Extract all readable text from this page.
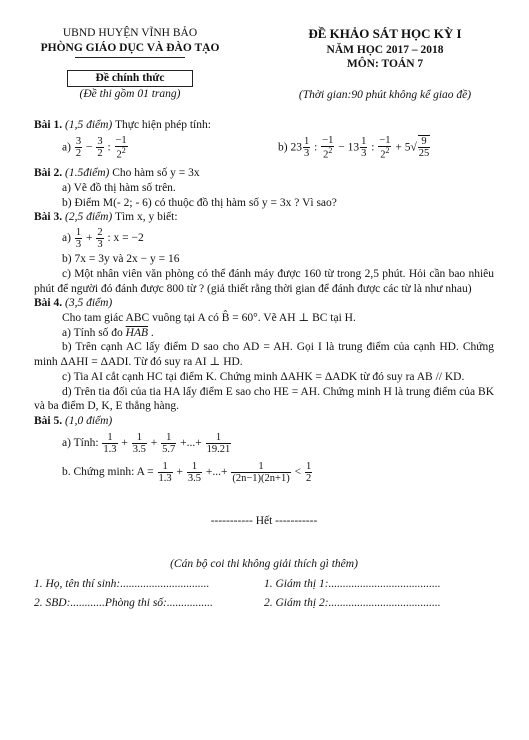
UBND HUYỆN VĨNH BẢO
PHÒNG GIÁO DỤC VÀ ĐÀO TẠO
Đề chính thức
(Đề thi gồm 01 trang)
ĐỀ KHẢO SÁT HỌC KỲ I
NĂM HỌC 2017 – 2018
MÔN: TOÁN 7
(Thời gian:90 phút không kể giao đề)

Bài 1. (1,5 điểm) Thực hiện phép tính:

$a) \frac{3}{2} - \frac{3}{2}$ : $\frac{-1}{2^2}$	b) $23 \frac{1}{3}$ : $\frac{-1}{2^2} - 13 \frac{1}{3}$ : $\frac{-1}{2^2} + 5√ \frac{9}{25}$

Bài 2. (1.5điểm) Cho hàm số y = 3x

a) Vẽ đồ thị hàm số trên.

b) Điểm M(- 2; - 6) có thuộc đồ thị hàm số y = 3x ? Vì sao?

Bài 3. (2,5 điểm) Tìm x, y biết:

$a) \frac{1}{3} + \frac{2}{3}$ : x = −2

b) 7x = 3y và 2x − y = 16

c) Một nhân viên văn phòng có thể đánh máy được 160 từ trong 2,5 phút. Hỏi cần bao nhiêu phút để người đó đánh được 800 từ ? (giả thiết rằng thời gian để đánh được các từ là như nhau)

Bài 4. (3,5 điểm)

Cho tam giác ABC vuông tại A có B̂ = 60°. Vẽ AH ⊥ BC tại H.

a) Tính số đo $\overline{HAB}$ .

b) Trên cạnh AC lấy điểm D sao cho AD = AH. Gọi I là trung điểm của cạnh HD. Chứng minh ΔAHI = ΔADI. Từ đó suy ra AI ⊥ HD.

c) Tia AI cắt cạnh HC tại điểm K. Chứng minh ΔAHK = ΔADK từ đó suy ra AB // KD.

d) Trên tia đối của tia HA lấy điểm E sao cho HE = AH. Chứng minh H là trung điểm của BK và ba điểm D, K, E thẳng hàng.

Bài 5. (1,0 điểm)

a) Tính: $\frac{1}{1.3} + \frac{1}{3.5} + \frac{1}{5.7}$ +...+ $\frac{1}{19.21}$

b. Chứng minh: $A = \frac{1}{1.3} + \frac{1}{3.5}$ +...+ $\frac{1}{(2n-1)(2n+1)} < \frac{1}{2}$

----------- Hết -----------
(Cán bộ coi thi không giải thích gì thêm)
1. Họ, tên thí sinh:...............................	1. Giám thị 1:.......................................
2. SBD:............Phòng thi số:................	2. Giám thị 2:.......................................
